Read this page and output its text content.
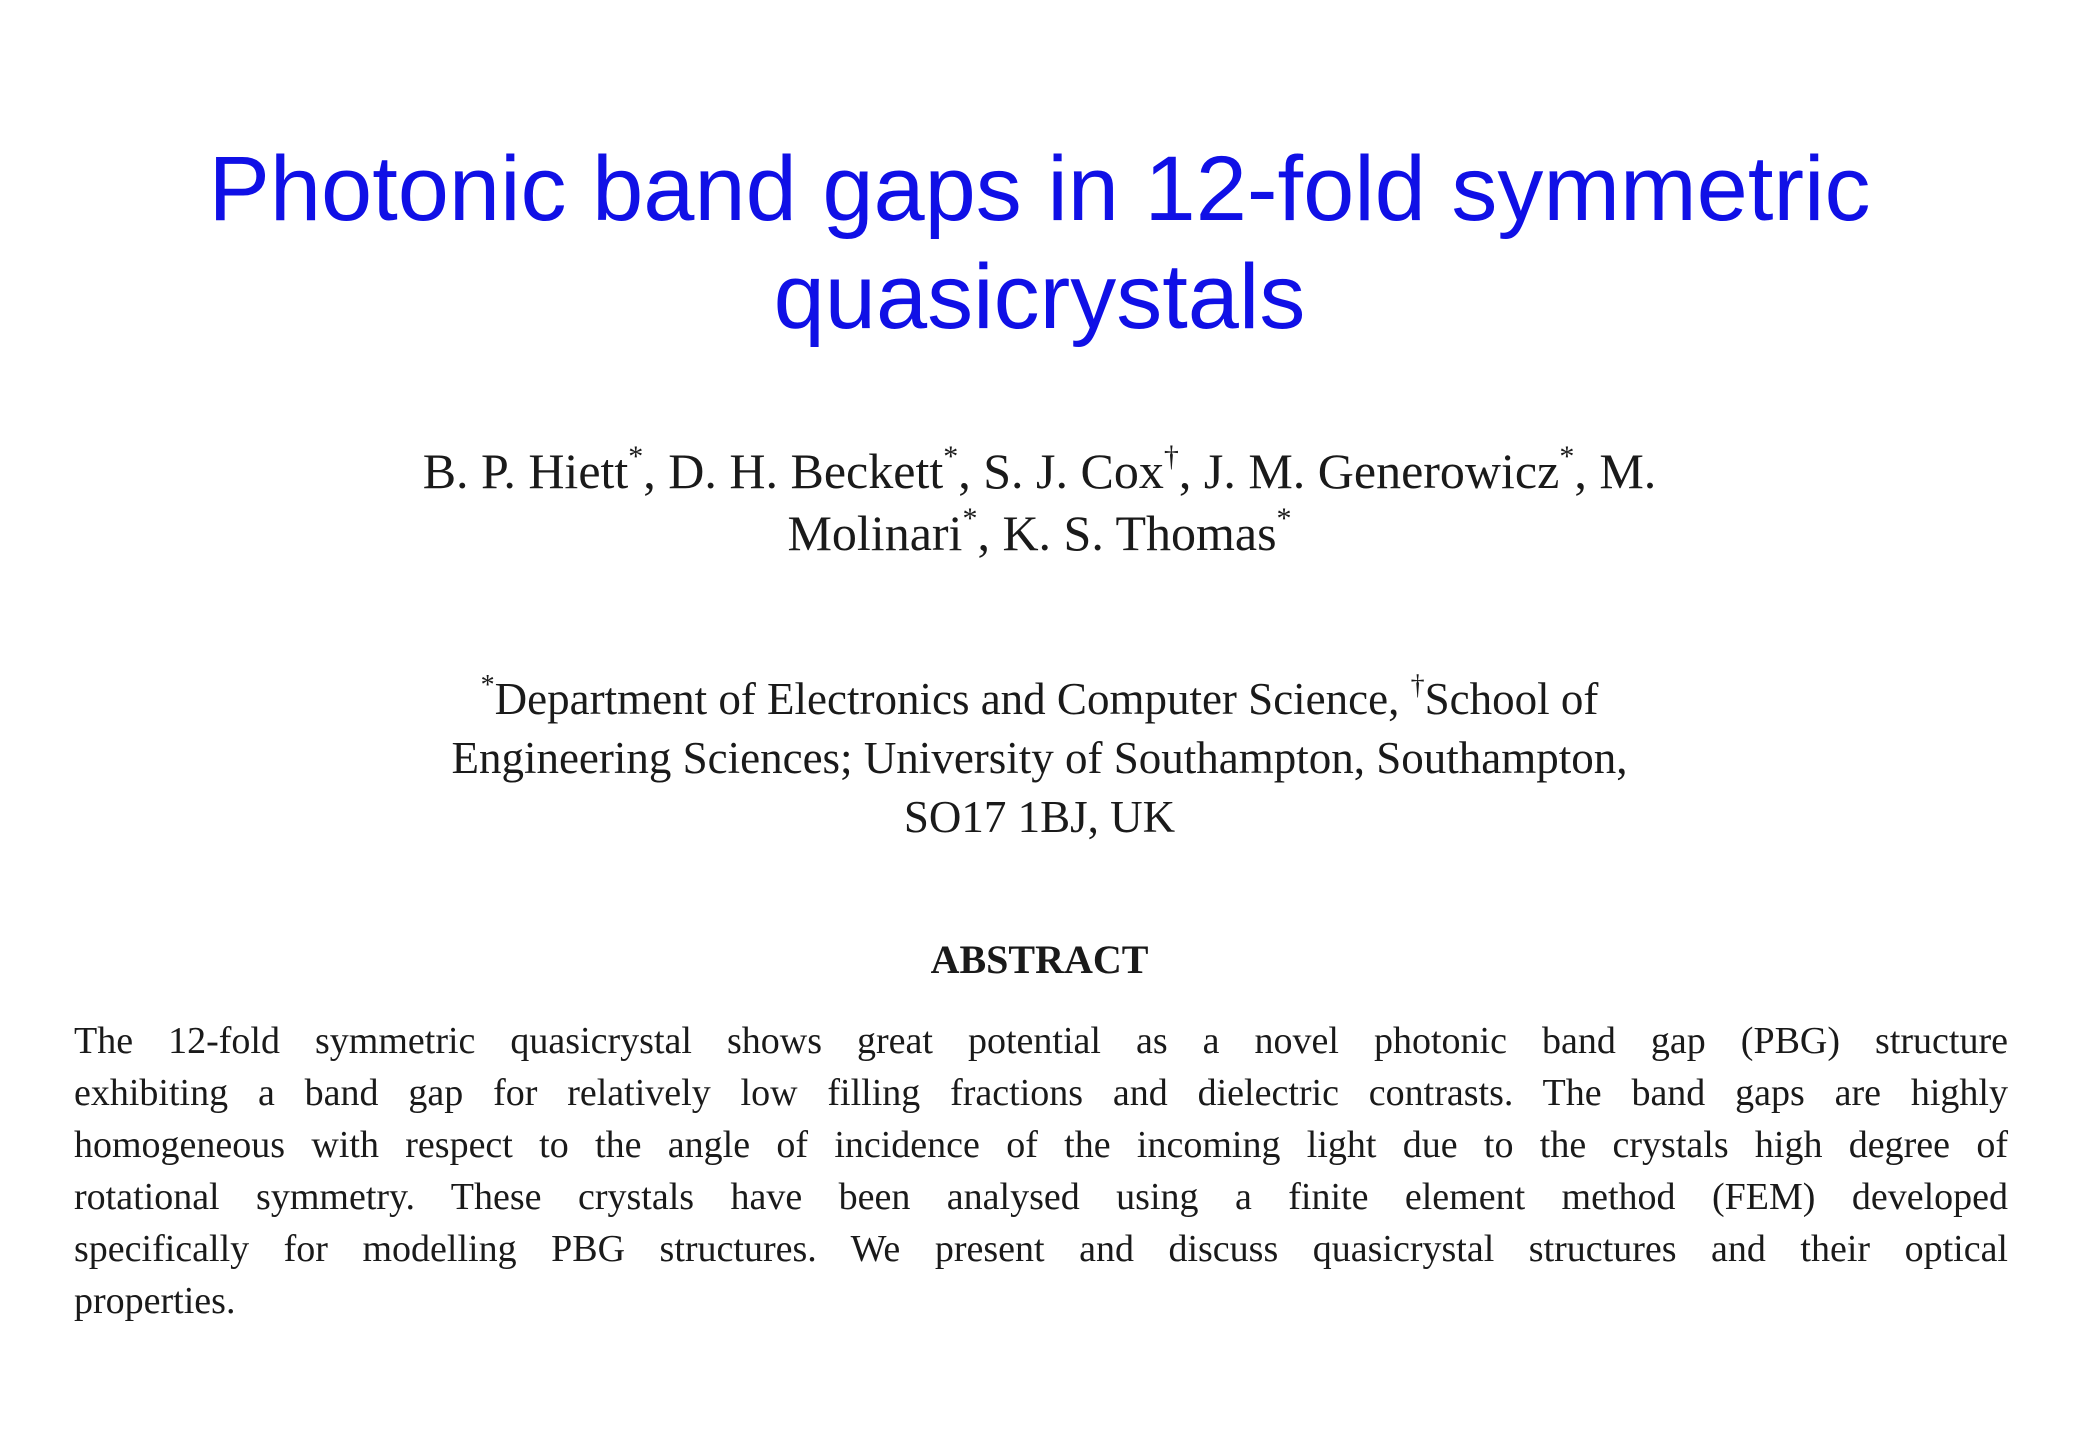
Photonic band gaps in 12-fold symmetric
quasicrystals
B. P. Hiett*, D. H. Beckett*, S. J. Cox†, J. M. Generowicz*, M.
Molinari*, K. S. Thomas*
*Department of Electronics and Computer Science, †School of
Engineering Sciences; University of Southampton, Southampton,
SO17 1BJ, UK
ABSTRACT
The 12-fold symmetric quasicrystal shows great potential as a novel photonic band gap (PBG) structure
exhibiting a band gap for relatively low filling fractions and dielectric contrasts. The band gaps are highly
homogeneous with respect to the angle of incidence of the incoming light due to the crystals high degree of
rotational symmetry. These crystals have been analysed using a finite element method (FEM) developed
specifically for modelling PBG structures. We present and discuss quasicrystal structures and their optical
properties.
